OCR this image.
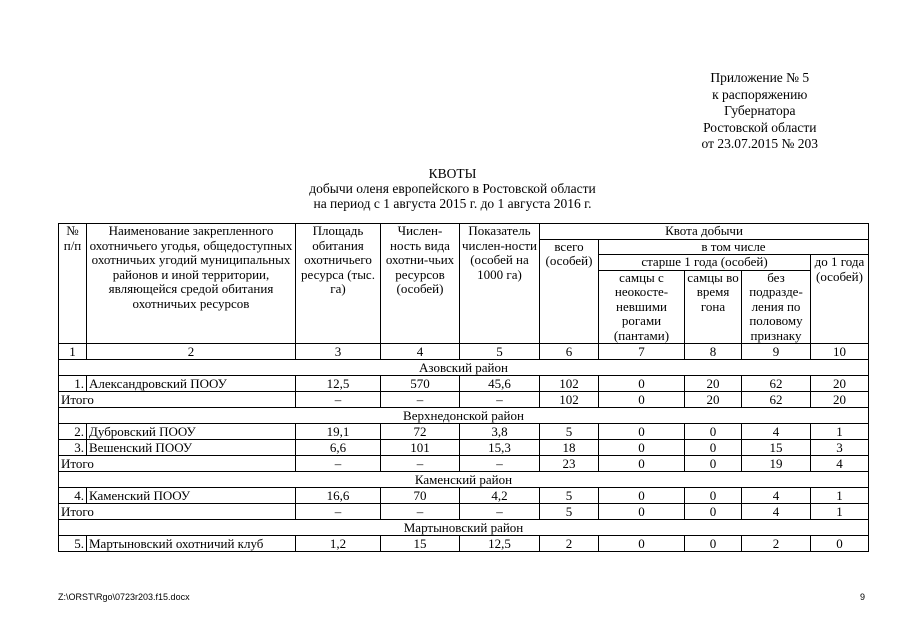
Приложение № 5
к распоряжению
Губернатора
Ростовской области
от 23.07.2015 № 203
КВОТЫ
добычи оленя европейского в Ростовской области
на период с 1 августа 2015 г. до 1 августа 2016 г.
№ п/п	Наименование закрепленного охотничьего угодья, общедоступных охотничьих угодий муниципальных районов и иной территории, являющейся средой обитания охотничьих ресурсов	Площадь обитания охотничьего ресурса (тыс. га)	Числен-ность вида охотни-чьих ресурсов (особей)	Показатель числен-ности (особей на 1000 га)	Квота добычи				
					всего (особей)	в том числе			
						старше 1 года (особей)			до 1 года (особей)
						самцы с неокосте-невшими рогами (пантами)	самцы во время гона	без подразде-ления по половому признаку	
1	2	3	4	5	6	7	8	9	10
Азовский район									
1.	Александровский ПООУ	12,5	570	45,6	102	0	20	62	20
Итого		–	–	–	102	0	20	62	20
Верхнедонской район									
2.	Дубровский ПООУ	19,1	72	3,8	5	0	0	4	1
3.	Вешенский ПООУ	6,6	101	15,3	18	0	0	15	3
Итого		–	–	–	23	0	0	19	4
Каменский район									
4.	Каменский ПООУ	16,6	70	4,2	5	0	0	4	1
Итого		–	–	–	5	0	0	4	1
Мартыновский район									
5.	Мартыновский охотничий клуб	1,2	15	12,5	2	0	0	2	0
Z:\ORST\Rgo\0723r203.f15.docx	9
